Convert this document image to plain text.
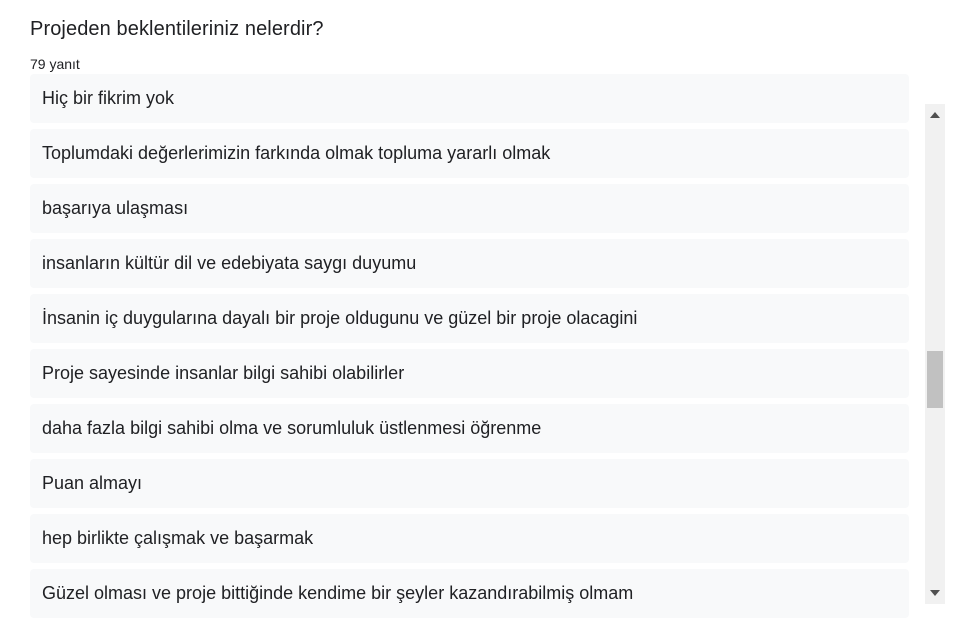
Projeden beklentileriniz nelerdir?
79 yanıt
Hiç bir fikrim yok
Toplumdaki değerlerimizin farkında olmak topluma yararlı olmak
başarıya ulaşması
insanların kültür dil ve edebiyata saygı duyumu
İnsanin iç duygularına dayalı bir proje oldugunu ve güzel bir proje olacagini
Proje sayesinde insanlar bilgi sahibi olabilirler
daha fazla bilgi sahibi olma ve sorumluluk üstlenmesi öğrenme
Puan almayı
hep birlikte çalışmak ve başarmak
Güzel olması ve proje bittiğinde kendime bir şeyler kazandırabilmiş olmam
